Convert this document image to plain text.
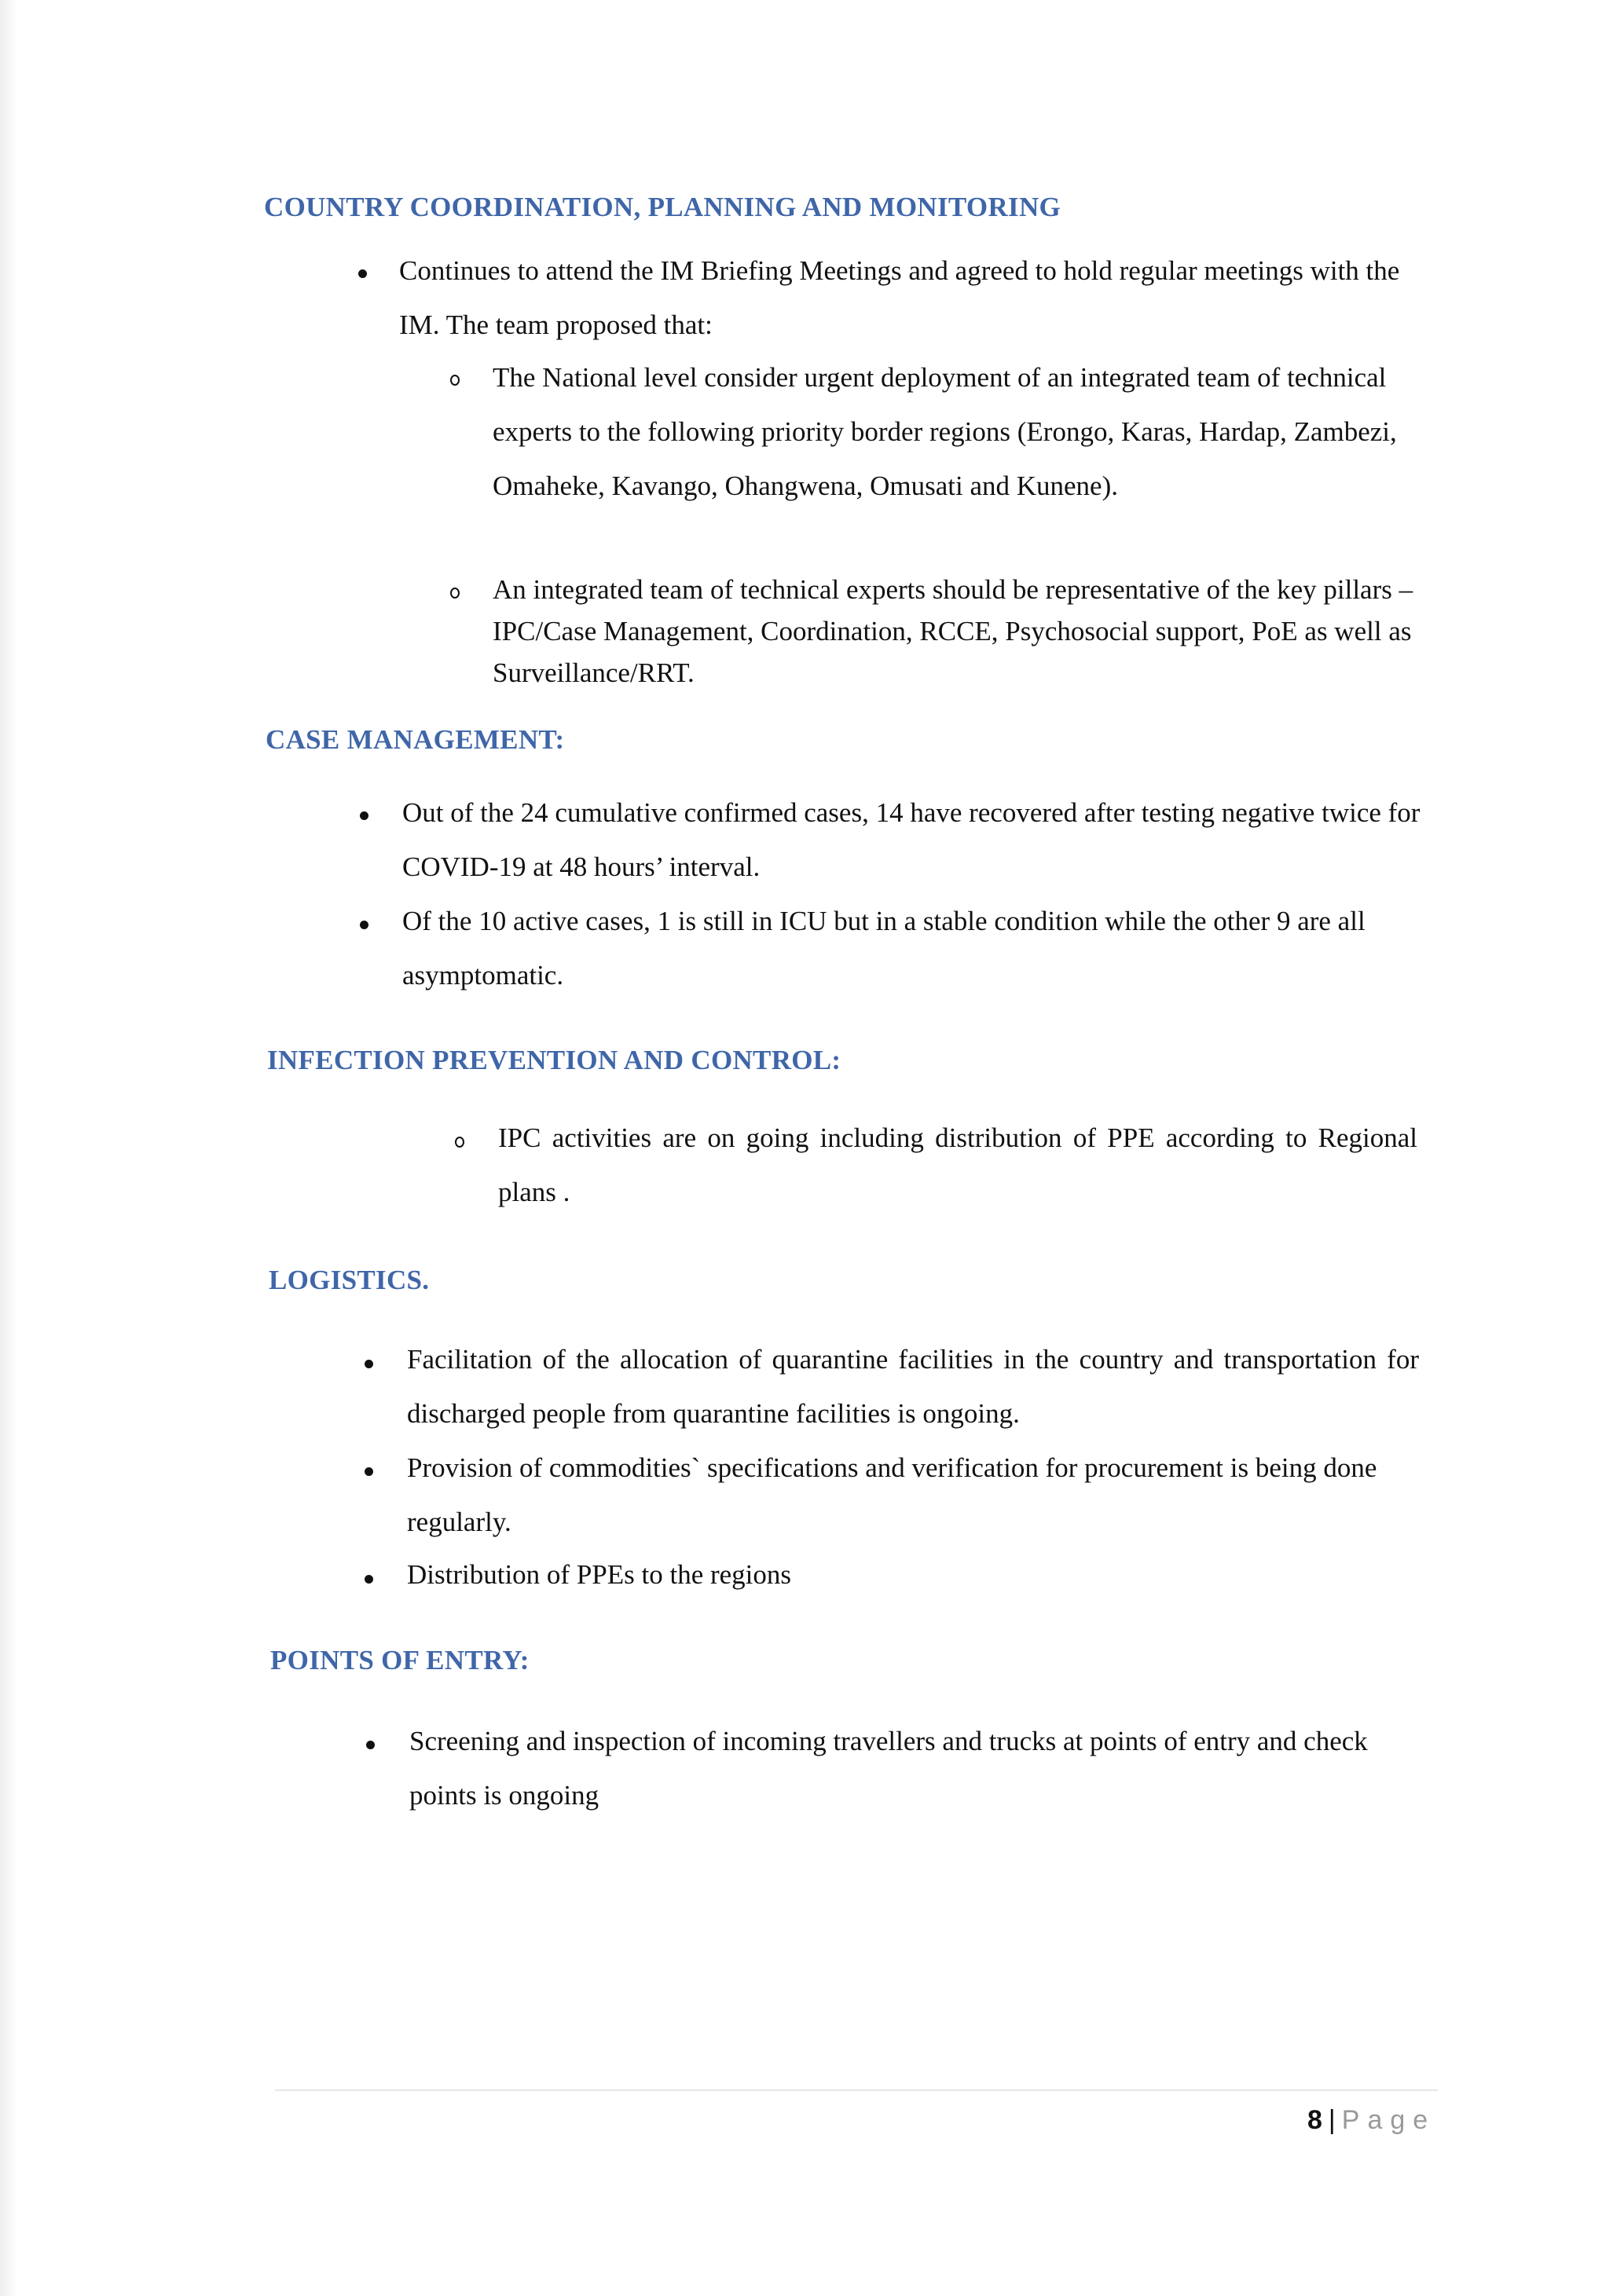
COUNTRY COORDINATION, PLANNING AND MONITORING

Continues to attend the IM Briefing Meetings and agreed to hold regular meetings with the IM. The team proposed that:

The National level consider urgent deployment of an integrated team of technical experts to the following priority border regions (Erongo, Karas, Hardap, Zambezi, Omaheke, Kavango, Ohangwena, Omusati and Kunene).

An integrated team of technical experts should be representative of the key pillars – IPC/Case Management, Coordination, RCCE, Psychosocial support, PoE as well as Surveillance/RRT.

CASE MANAGEMENT:

Out of the 24 cumulative confirmed cases, 14 have recovered after testing negative twice for COVID-19 at 48 hours’ interval.

Of the 10 active cases, 1 is still in ICU but in a stable condition while the other 9 are all asymptomatic.

INFECTION PREVENTION AND CONTROL:

IPC activities are on going including distribution of PPE according to Regional plans .

LOGISTICS.

Facilitation of the allocation of quarantine facilities in the country and transportation for discharged people from quarantine facilities is ongoing.

Provision of commodities` specifications and verification for procurement is being done regularly.

Distribution of PPEs to the regions

POINTS OF ENTRY:

Screening and inspection of incoming travellers and trucks at points of entry and check points is ongoing

8 | Page
